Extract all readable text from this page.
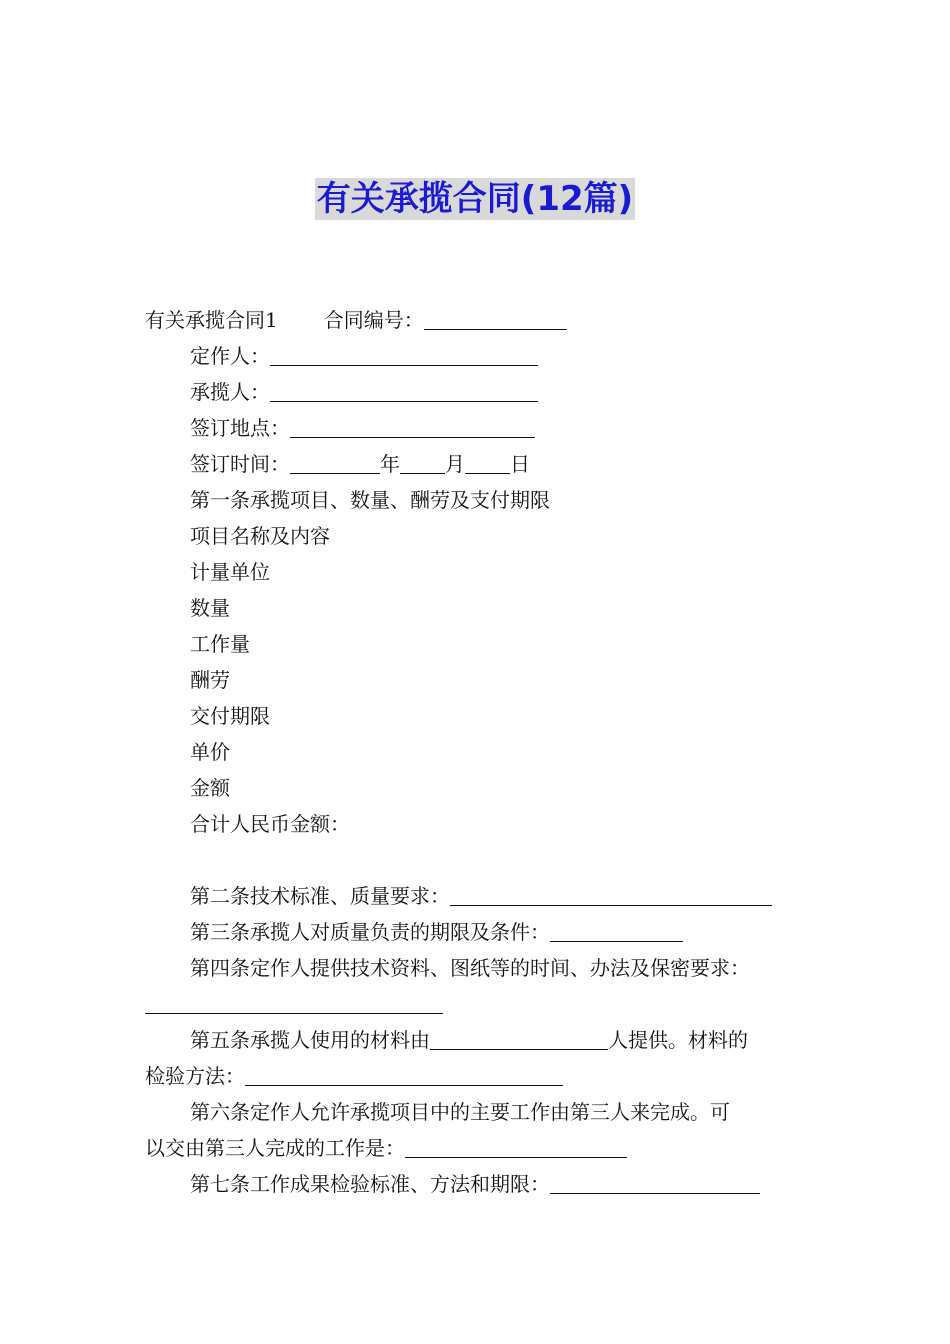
有关承揽合同(12篇)
有关承揽合同1 合同编号：
定作人：
承揽人：
签订地点：
签订时间：	年 月 日
第一条承揽项目、数量、酬劳及支付期限
项目名称及内容
计量单位
数量
工作量
酬劳
交付期限
单价
金额
合计人民币金额：
第二条技术标准、质量要求：
第三条承揽人对质量负责的期限及条件：
第四条定作人提供技术资料、图纸等的时间、办法及保密要求：
第五条承揽人使用的材料由	人提供。材料的
检验方法：
第六条定作人允许承揽项目中的主要工作由第三人来完成。可
以交由第三人完成的工作是：
第七条工作成果检验标准、方法和期限：
